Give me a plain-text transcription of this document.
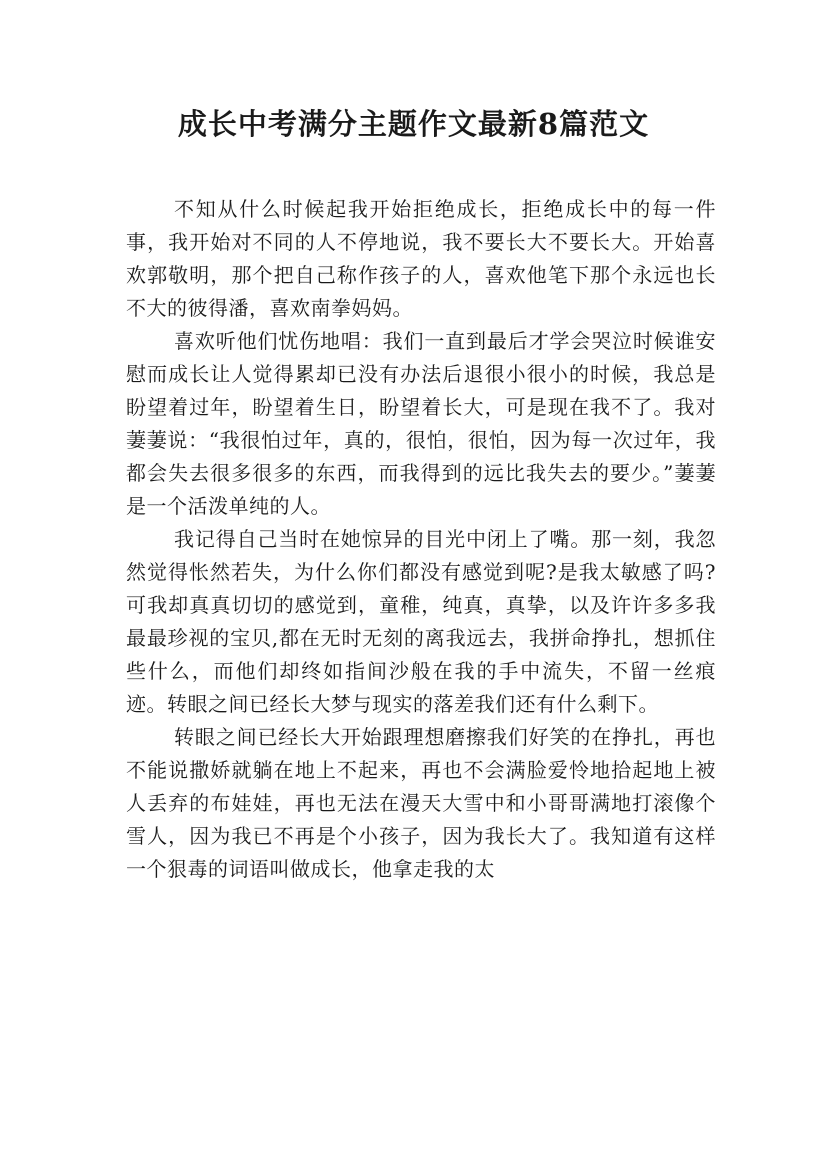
成长中考满分主题作文最新8篇范文

不知从什么时候起我开始拒绝成长，拒绝成长中的每一件事，我开始对不同的人不停地说，我不要长大不要长大。开始喜欢郭敬明，那个把自己称作孩子的人，喜欢他笔下那个永远也长不大的彼得潘，喜欢南拳妈妈。

喜欢听他们忧伤地唱：我们一直到最后才学会哭泣时候谁安慰而成长让人觉得累却已没有办法后退很小很小的时候，我总是盼望着过年，盼望着生日，盼望着长大，可是现在我不了。我对萋萋说：“我很怕过年，真的，很怕，很怕，因为每一次过年，我都会失去很多很多的东西，而我得到的远比我失去的要少。”萋萋是一个活泼单纯的人。

我记得自己当时在她惊异的目光中闭上了嘴。那一刻，我忽然觉得怅然若失，为什么你们都没有感觉到呢?是我太敏感了吗?可我却真真切切的感觉到，童稚，纯真，真挚，以及许许多多我最最珍视的宝贝,都在无时无刻的离我远去，我拼命挣扎，想抓住些什么，而他们却终如指间沙般在我的手中流失，不留一丝痕迹。转眼之间已经长大梦与现实的落差我们还有什么剩下。

转眼之间已经长大开始跟理想磨擦我们好笑的在挣扎，再也不能说撒娇就躺在地上不起来，再也不会满脸爱怜地拾起地上被人丢弃的布娃娃，再也无法在漫天大雪中和小哥哥满地打滚像个雪人，因为我已不再是个小孩子，因为我长大了。我知道有这样一个狠毒的词语叫做成长，他拿走我的太
